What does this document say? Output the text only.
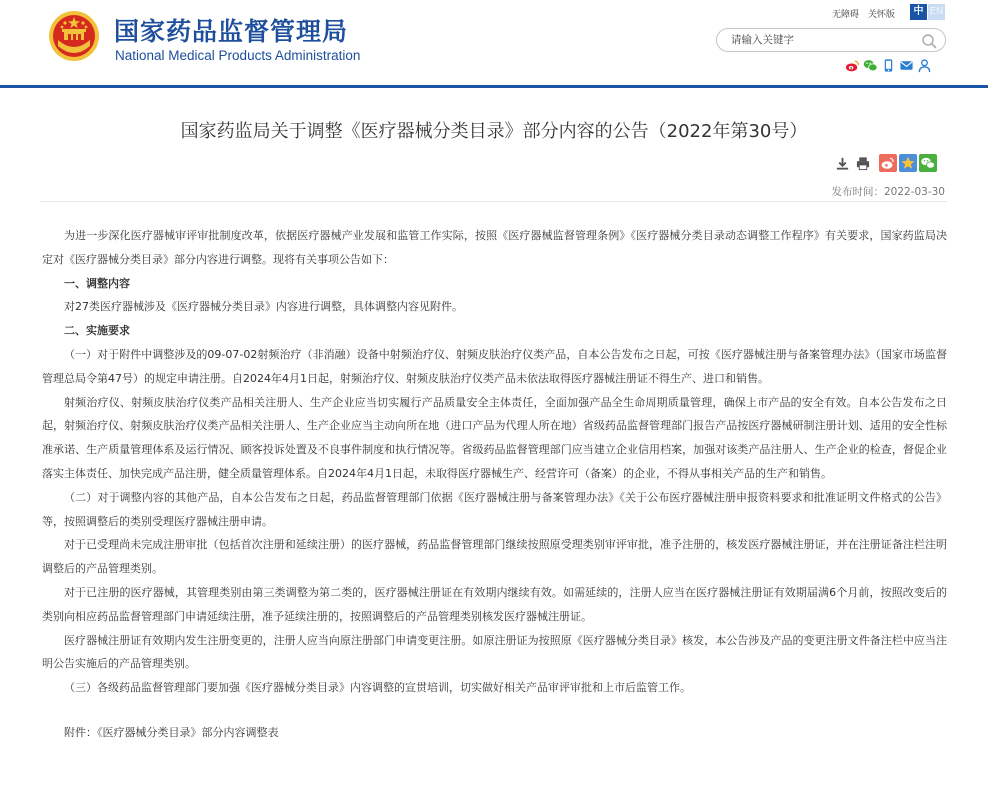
国家药品监督管理局
National Medical Products Administration
无障碍 关怀版	中 EN
请输入关键字
国家药监局关于调整《医疗器械分类目录》部分内容的公告（2022年第30号）
发布时间：2022-03-30

为进一步深化医疗器械审评审批制度改革，依据医疗器械产业发展和监管工作实际，按照《医疗器械监督管理条例》《医疗器械分类目录动态调整工作程序》有关要求，国家药监局决定对《医疗器械分类目录》部分内容进行调整。现将有关事项公告如下：

一、调整内容

对27类医疗器械涉及《医疗器械分类目录》内容进行调整，具体调整内容见附件。

二、实施要求

（一）对于附件中调整涉及的09-07-02射频治疗（非消融）设备中射频治疗仪、射频皮肤治疗仪类产品，自本公告发布之日起，可按《医疗器械注册与备案管理办法》（国家市场监督管理总局令第47号）的规定申请注册。自2024年4月1日起，射频治疗仪、射频皮肤治疗仪类产品未依法取得医疗器械注册证不得生产、进口和销售。

射频治疗仪、射频皮肤治疗仪类产品相关注册人、生产企业应当切实履行产品质量安全主体责任，全面加强产品全生命周期质量管理，确保上市产品的安全有效。自本公告发布之日起，射频治疗仪、射频皮肤治疗仪类产品相关注册人、生产企业应当主动向所在地（进口产品为代理人所在地）省级药品监督管理部门报告产品按医疗器械研制注册计划、适用的安全性标准承诺、生产质量管理体系及运行情况、顾客投诉处置及不良事件制度和执行情况等。省级药品监督管理部门应当建立企业信用档案，加强对该类产品注册人、生产企业的检查，督促企业落实主体责任、加快完成产品注册，健全质量管理体系。自2024年4月1日起，未取得医疗器械生产、经营许可（备案）的企业，不得从事相关产品的生产和销售。

（二）对于调整内容的其他产品，自本公告发布之日起，药品监督管理部门依据《医疗器械注册与备案管理办法》《关于公布医疗器械注册申报资料要求和批准证明文件格式的公告》等，按照调整后的类别受理医疗器械注册申请。

对于已受理尚未完成注册审批（包括首次注册和延续注册）的医疗器械，药品监督管理部门继续按照原受理类别审评审批，准予注册的，核发医疗器械注册证，并在注册证备注栏注明调整后的产品管理类别。

对于已注册的医疗器械，其管理类别由第三类调整为第二类的，医疗器械注册证在有效期内继续有效。如需延续的，注册人应当在医疗器械注册证有效期届满6个月前，按照改变后的类别向相应药品监督管理部门申请延续注册，准予延续注册的，按照调整后的产品管理类别核发医疗器械注册证。

医疗器械注册证有效期内发生注册变更的，注册人应当向原注册部门申请变更注册。如原注册证为按照原《医疗器械分类目录》核发，本公告涉及产品的变更注册文件备注栏中应当注明公告实施后的产品管理类别。

（三）各级药品监督管理部门要加强《医疗器械分类目录》内容调整的宣贯培训，切实做好相关产品审评审批和上市后监管工作。

附件：《医疗器械分类目录》部分内容调整表
